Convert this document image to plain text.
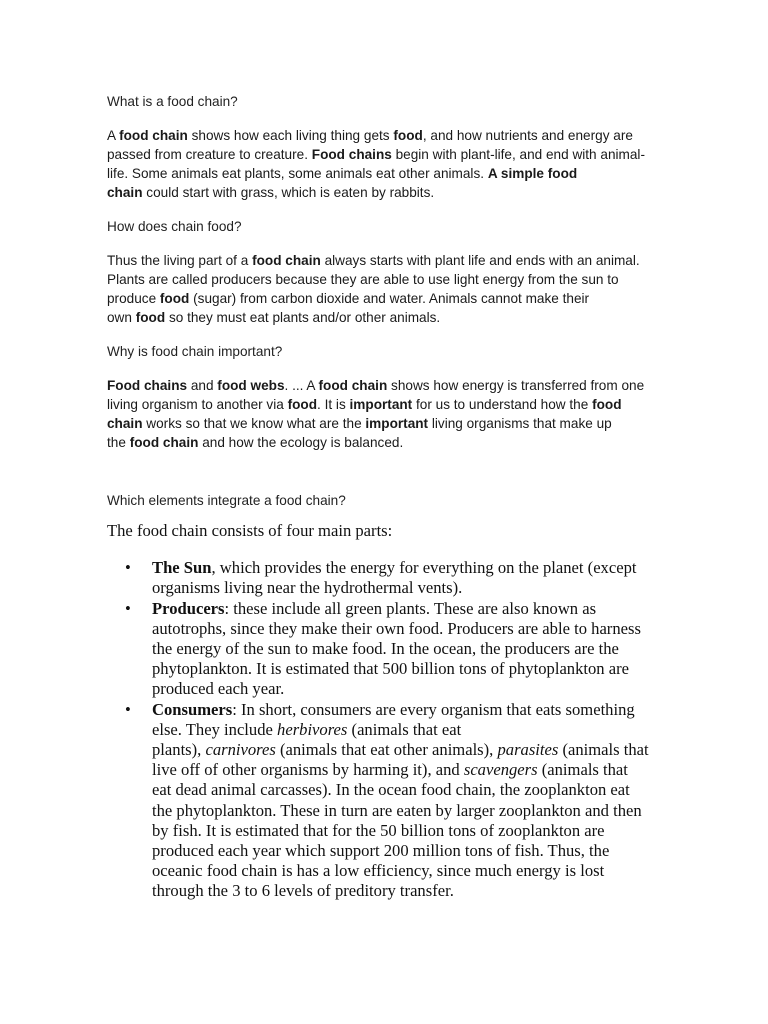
What is a food chain?

A food chain shows how each living thing gets food, and how nutrients and energy are
passed from creature to creature. Food chains begin with plant-life, and end with animal-
life. Some animals eat plants, some animals eat other animals. A simple food
chain could start with grass, which is eaten by rabbits.

How does chain food?

Thus the living part of a food chain always starts with plant life and ends with an animal.
Plants are called producers because they are able to use light energy from the sun to
produce food (sugar) from carbon dioxide and water. Animals cannot make their
own food so they must eat plants and/or other animals.

Why is food chain important?

Food chains and food webs. ... A food chain shows how energy is transferred from one
living organism to another via food. It is important for us to understand how the food
chain works so that we know what are the important living organisms that make up
the food chain and how the ecology is balanced.

Which elements integrate a food chain?

The food chain consists of four main parts:

• The Sun, which provides the energy for everything on the planet (except
organisms living near the hydrothermal vents).
• Producers: these include all green plants. These are also known as
autotrophs, since they make their own food. Producers are able to harness
the energy of the sun to make food. In the ocean, the producers are the
phytoplankton. It is estimated that 500 billion tons of phytoplankton are
produced each year.
• Consumers: In short, consumers are every organism that eats something
else. They include herbivores (animals that eat
plants), carnivores (animals that eat other animals), parasites (animals that
live off of other organisms by harming it), and scavengers (animals that
eat dead animal carcasses). In the ocean food chain, the zooplankton eat
the phytoplankton. These in turn are eaten by larger zooplankton and then
by fish. It is estimated that for the 50 billion tons of zooplankton are
produced each year which support 200 million tons of fish. Thus, the
oceanic food chain is has a low efficiency, since much energy is lost
through the 3 to 6 levels of preditory transfer.
